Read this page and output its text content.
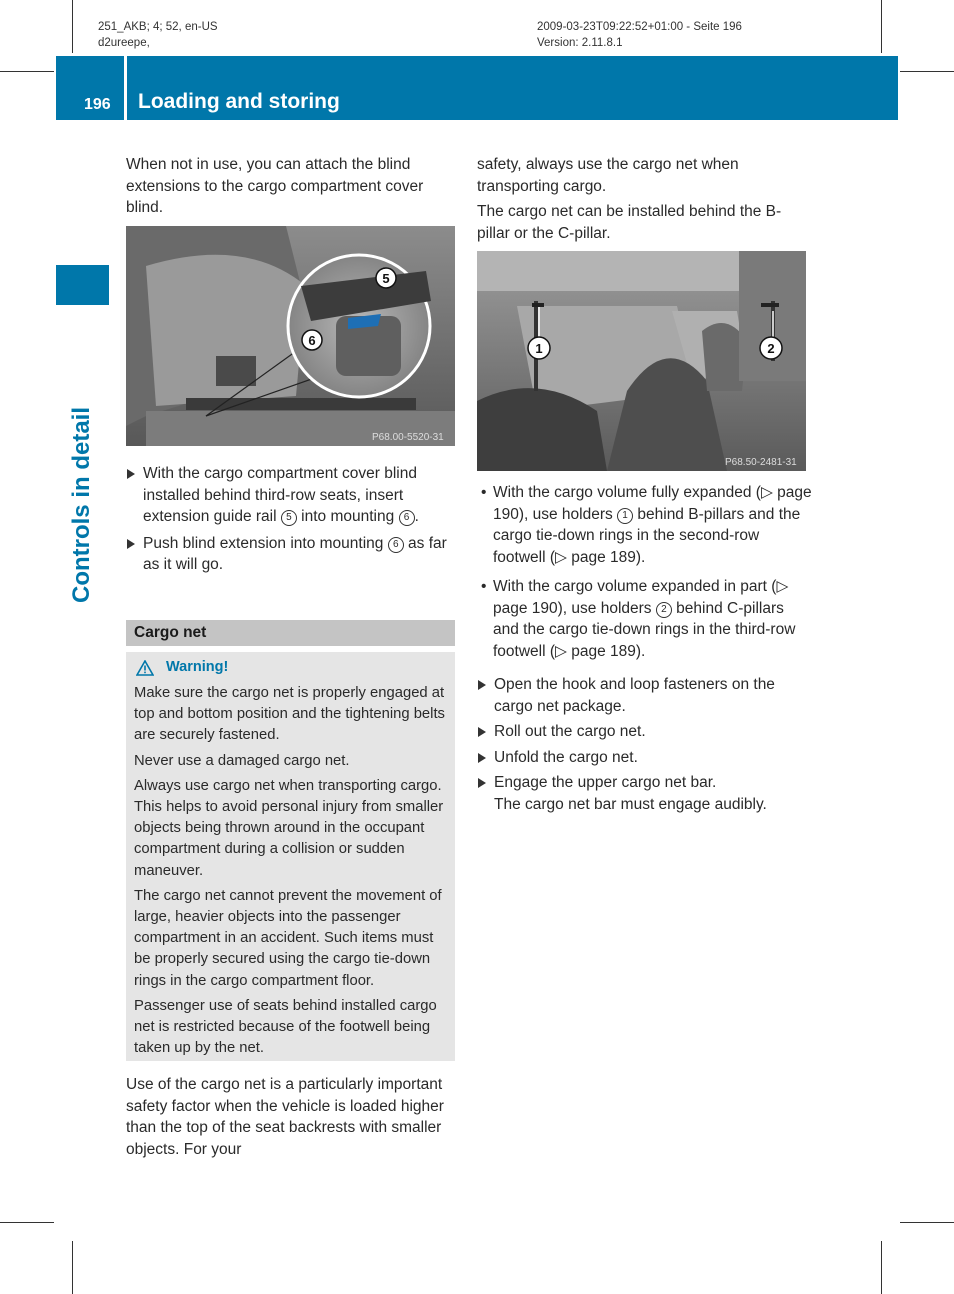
251_AKB; 4; 52, en-US
d2ureepe,
2009-03-23T09:22:52+01:00 - Seite 196
Version: 2.11.8.1
196 Loading and storing
Controls in detail

When not in use, you can attach the blind extensions to the cargo compartment cover blind.

P68.00-5520-31
5
6
With the cargo compartment cover blind installed behind third-row seats, insert extension guide rail 5 into mounting 6 .
Push blind extension into mounting 6 as far as it will go.
Cargo net
Warning!

Make sure the cargo net is properly engaged at top and bottom position and the tightening belts are securely fastened.

Never use a damaged cargo net.

Always use cargo net when transporting cargo. This helps to avoid personal injury from smaller objects being thrown around in the occupant compartment during a collision or sudden maneuver.

The cargo net cannot prevent the movement of large, heavier objects into the passenger compartment in an accident. Such items must be properly secured using the cargo tie-down rings in the cargo compartment floor.

Passenger use of seats behind installed cargo net is restricted because of the footwell being taken up by the net.

Use of the cargo net is a particularly important safety factor when the vehicle is loaded higher than the top of the seat backrests with smaller objects. For your

safety, always use the cargo net when transporting cargo.

The cargo net can be installed behind the B-pillar or the C-pillar.

1	2
P68.50-2481-31
• With the cargo volume fully expanded (▷ page 190), use holders 1 behind B-pillars and the cargo tie-down rings in the second-row footwell (▷ page 189).
• With the cargo volume expanded in part (▷ page 190), use holders 2 behind C-pillars and the cargo tie-down rings in the third-row footwell (▷ page 189).
Open the hook and loop fasteners on the cargo net package.
Roll out the cargo net.
Unfold the cargo net.
Engage the upper cargo net bar.
The cargo net bar must engage audibly.
